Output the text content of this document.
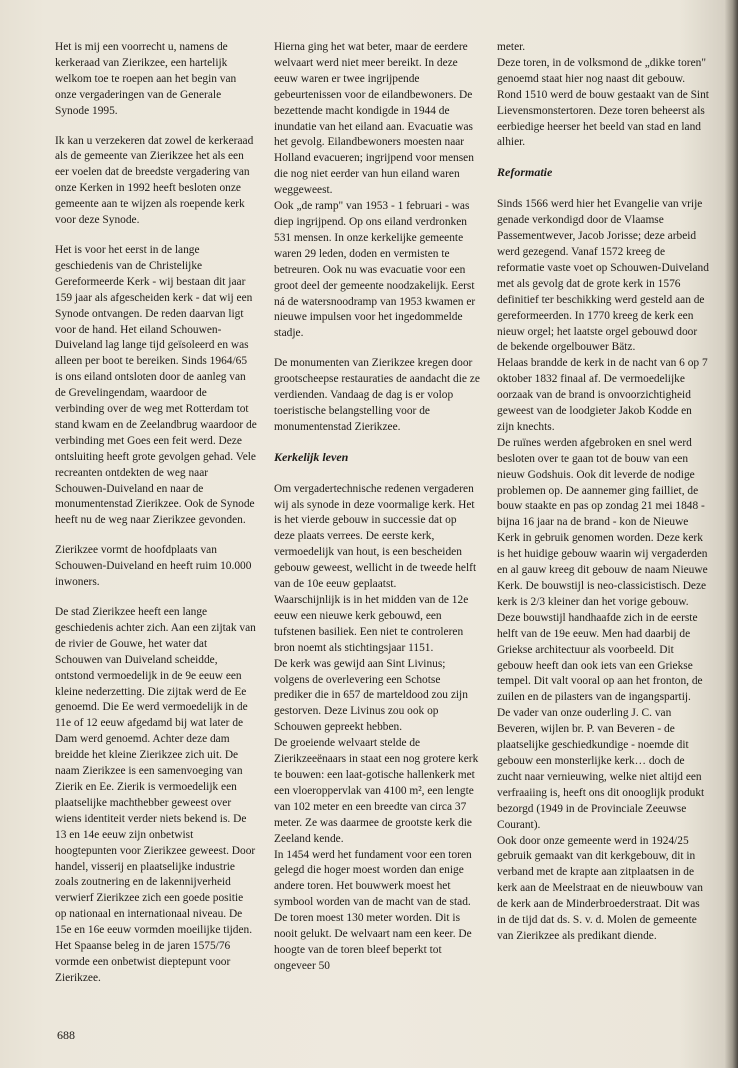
Het is mij een voorrecht u, namens de kerkeraad van Zierikzee, een hartelijk welkom toe te roepen aan het begin van onze vergaderingen van de Generale Synode 1995.

Ik kan u verzekeren dat zowel de kerkeraad als de gemeente van Zierikzee het als een eer voelen dat de breedste vergadering van onze Kerken in 1992 heeft besloten onze gemeente aan te wijzen als roepende kerk voor deze Synode.

Het is voor het eerst in de lange geschiedenis van de Christelijke Gereformeerde Kerk - wij bestaan dit jaar 159 jaar als afgescheiden kerk - dat wij een Synode ontvangen. De reden daarvan ligt voor de hand. Het eiland Schouwen-Duiveland lag lange tijd geïsoleerd en was alleen per boot te bereiken. Sinds 1964/65 is ons eiland ontsloten door de aanleg van de Grevelingendam, waardoor de verbinding over de weg met Rotterdam tot stand kwam en de Zeelandbrug waardoor de verbinding met Goes een feit werd. Deze ontsluiting heeft grote gevolgen gehad. Vele recreanten ontdekten de weg naar Schouwen-Duiveland en naar de monumentenstad Zierikzee. Ook de Synode heeft nu de weg naar Zierikzee gevonden.

Zierikzee vormt de hoofdplaats van Schouwen-Duiveland en heeft ruim 10.000 inwoners.

De stad Zierikzee heeft een lange geschiedenis achter zich. Aan een zijtak van de rivier de Gouwe, het water dat Schouwen van Duiveland scheidde, ontstond vermoedelijk in de 9e eeuw een kleine nederzetting. Die zijtak werd de Ee genoemd. Die Ee werd vermoedelijk in de 11e of 12 eeuw afgedamd bij wat later de Dam werd genoemd. Achter deze dam breidde het kleine Zierikzee zich uit. De naam Zierikzee is een samenvoeging van Zierik en Ee. Zierik is vermoedelijk een plaatselijke machthebber geweest over wiens identiteit verder niets bekend is. De 13 en 14e eeuw zijn onbetwist hoogtepunten voor Zierikzee geweest. Door handel, visserij en plaatselijke industrie zoals zoutnering en de lakennijverheid verwierf Zierikzee zich een goede positie op nationaal en internationaal niveau. De 15e en 16e eeuw vormden moeilijke tijden. Het Spaanse beleg in de jaren 1575/76 vormde een onbetwist dieptepunt voor Zierikzee.

Hierna ging het wat beter, maar de eerdere welvaart werd niet meer bereikt. In deze eeuw waren er twee ingrijpende gebeurtenissen voor de eilandbewoners. De bezettende macht kondigde in 1944 de inundatie van het eiland aan. Evacuatie was het gevolg. Eilandbewoners moesten naar Holland evacueren; ingrijpend voor mensen die nog niet eerder van hun eiland waren weggeweest.

Ook „de ramp" van 1953 - 1 februari - was diep ingrijpend. Op ons eiland verdronken 531 mensen. In onze kerkelijke gemeente waren 29 leden, doden en vermisten te betreuren. Ook nu was evacuatie voor een groot deel der gemeente noodzakelijk. Eerst ná de watersnoodramp van 1953 kwamen er nieuwe impulsen voor het ingedommelde stadje.

De monumenten van Zierikzee kregen door grootscheepse restauraties de aandacht die ze verdienden. Vandaag de dag is er volop toeristische belangstelling voor de monumentenstad Zierikzee.

Kerkelijk leven

Om vergadertechnische redenen vergaderen wij als synode in deze voormalige kerk. Het is het vierde gebouw in successie dat op deze plaats verrees. De eerste kerk, vermoedelijk van hout, is een bescheiden gebouw geweest, wellicht in de tweede helft van de 10e eeuw geplaatst.

Waarschijnlijk is in het midden van de 12e eeuw een nieuwe kerk gebouwd, een tufstenen basiliek. Een niet te controleren bron noemt als stichtingsjaar 1151.

De kerk was gewijd aan Sint Livinus; volgens de overlevering een Schotse prediker die in 657 de marteldood zou zijn gestorven. Deze Livinus zou ook op Schouwen gepreekt hebben.

De groeiende welvaart stelde de Zierikzeeënaars in staat een nog grotere kerk te bouwen: een laat-gotische hallenkerk met een vloeroppervlak van 4100 m², een lengte van 102 meter en een breedte van circa 37 meter. Ze was daarmee de grootste kerk die Zeeland kende.

In 1454 werd het fundament voor een toren gelegd die hoger moest worden dan enige andere toren. Het bouwwerk moest het symbool worden van de macht van de stad. De toren moest 130 meter worden. Dit is nooit gelukt. De welvaart nam een keer. De hoogte van de toren bleef beperkt tot ongeveer 50

meter.

Deze toren, in de volksmond de „dikke toren" genoemd staat hier nog naast dit gebouw. Rond 1510 werd de bouw gestaakt van de Sint Lievensmonstertoren. Deze toren beheerst als eerbiedige heerser het beeld van stad en land alhier.

Reformatie

Sinds 1566 werd hier het Evangelie van vrije genade verkondigd door de Vlaamse Passementwever, Jacob Jorisse; deze arbeid werd gezegend. Vanaf 1572 kreeg de reformatie vaste voet op Schouwen-Duiveland met als gevolg dat de grote kerk in 1576 definitief ter beschikking werd gesteld aan de gereformeerden. In 1770 kreeg de kerk een nieuw orgel; het laatste orgel gebouwd door de bekende orgelbouwer Bätz.

Helaas brandde de kerk in de nacht van 6 op 7 oktober 1832 finaal af. De vermoedelijke oorzaak van de brand is onvoorzichtigheid geweest van de loodgieter Jakob Kodde en zijn knechts.

De ruïnes werden afgebroken en snel werd besloten over te gaan tot de bouw van een nieuw Godshuis. Ook dit leverde de nodige problemen op. De aannemer ging failliet, de bouw staakte en pas op zondag 21 mei 1848 - bijna 16 jaar na de brand - kon de Nieuwe Kerk in gebruik genomen worden. Deze kerk is het huidige gebouw waarin wij vergaderden en al gauw kreeg dit gebouw de naam Nieuwe Kerk. De bouwstijl is neo-classicistisch. Deze kerk is 2/3 kleiner dan het vorige gebouw. Deze bouwstijl handhaafde zich in de eerste helft van de 19e eeuw. Men had daarbij de Griekse architectuur als voorbeeld. Dit gebouw heeft dan ook iets van een Griekse tempel. Dit valt vooral op aan het fronton, de zuilen en de pilasters van de ingangspartij.

De vader van onze ouderling J. C. van Beveren, wijlen br. P. van Beveren - de plaatselijke geschiedkundige - noemde dit gebouw een monsterlijke kerk… doch de zucht naar vernieuwing, welke niet altijd een verfraaiing is, heeft ons dit onooglijk produkt bezorgd (1949 in de Provinciale Zeeuwse Courant).

Ook door onze gemeente werd in 1924/25 gebruik gemaakt van dit kerkgebouw, dit in verband met de krapte aan zitplaatsen in de kerk aan de Meelstraat en de nieuwbouw van de kerk aan de Minderbroederstraat. Dit was in de tijd dat ds. S. v. d. Molen de gemeente van Zierikzee als predikant diende.

688
